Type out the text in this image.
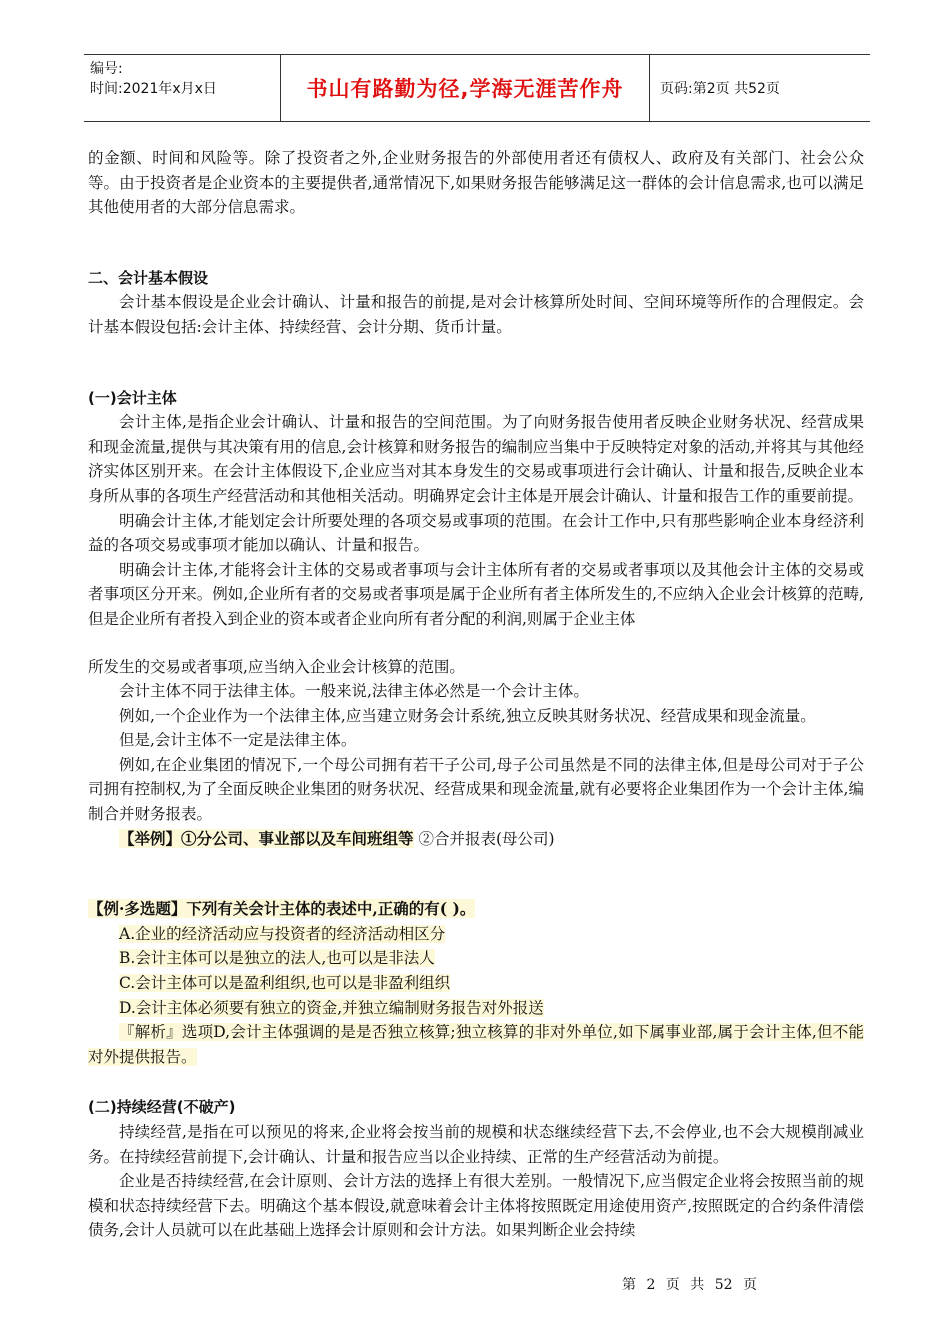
编号:
时间:2021年x月x日	书山有路勤为径,学海无涯苦作舟	页码:第2页 共52页

的金额、时间和风险等。除了投资者之外,企业财务报告的外部使用者还有债权人、政府及有关部门、社会公众等。由于投资者是企业资本的主要提供者,通常情况下,如果财务报告能够满足这一群体的会计信息需求,也可以满足其他使用者的大部分信息需求。

二、会计基本假设

会计基本假设是企业会计确认、计量和报告的前提,是对会计核算所处时间、空间环境等所作的合理假定。会计基本假设包括:会计主体、持续经营、会计分期、货币计量。

(一)会计主体

会计主体,是指企业会计确认、计量和报告的空间范围。为了向财务报告使用者反映企业财务状况、经营成果和现金流量,提供与其决策有用的信息,会计核算和财务报告的编制应当集中于反映特定对象的活动,并将其与其他经济实体区别开来。在会计主体假设下,企业应当对其本身发生的交易或事项进行会计确认、计量和报告,反映企业本身所从事的各项生产经营活动和其他相关活动。明确界定会计主体是开展会计确认、计量和报告工作的重要前提。

明确会计主体,才能划定会计所要处理的各项交易或事项的范围。在会计工作中,只有那些影响企业本身经济利益的各项交易或事项才能加以确认、计量和报告。

明确会计主体,才能将会计主体的交易或者事项与会计主体所有者的交易或者事项以及其他会计主体的交易或者事项区分开来。例如,企业所有者的交易或者事项是属于企业所有者主体所发生的,不应纳入企业会计核算的范畴,但是企业所有者投入到企业的资本或者企业向所有者分配的利润,则属于企业主体

所发生的交易或者事项,应当纳入企业会计核算的范围。

会计主体不同于法律主体。一般来说,法律主体必然是一个会计主体。

例如,一个企业作为一个法律主体,应当建立财务会计系统,独立反映其财务状况、经营成果和现金流量。

但是,会计主体不一定是法律主体。

例如,在企业集团的情况下,一个母公司拥有若干子公司,母子公司虽然是不同的法律主体,但是母公司对于子公司拥有控制权,为了全面反映企业集团的财务状况、经营成果和现金流量,就有必要将企业集团作为一个会计主体,编制合并财务报表。

【举例】①分公司、事业部以及车间班组等 ②合并报表(母公司)

【例·多选题】下列有关会计主体的表述中,正确的有( )。

A.企业的经济活动应与投资者的经济活动相区分

B.会计主体可以是独立的法人,也可以是非法人

C.会计主体可以是盈利组织,也可以是非盈利组织

D.会计主体必须要有独立的资金,并独立编制财务报告对外报送

『解析』选项D,会计主体强调的是是否独立核算;独立核算的非对外单位,如下属事业部,属于会计主体,但不能对外提供报告。

(二)持续经营(不破产)

持续经营,是指在可以预见的将来,企业将会按当前的规模和状态继续经营下去,不会停业,也不会大规模削减业务。在持续经营前提下,会计确认、计量和报告应当以企业持续、正常的生产经营活动为前提。

企业是否持续经营,在会计原则、会计方法的选择上有很大差别。一般情况下,应当假定企业将会按照当前的规模和状态持续经营下去。明确这个基本假设,就意味着会计主体将按照既定用途使用资产,按照既定的合约条件清偿债务,会计人员就可以在此基础上选择会计原则和会计方法。如果判断企业会持续

第 2 页 共 52 页
